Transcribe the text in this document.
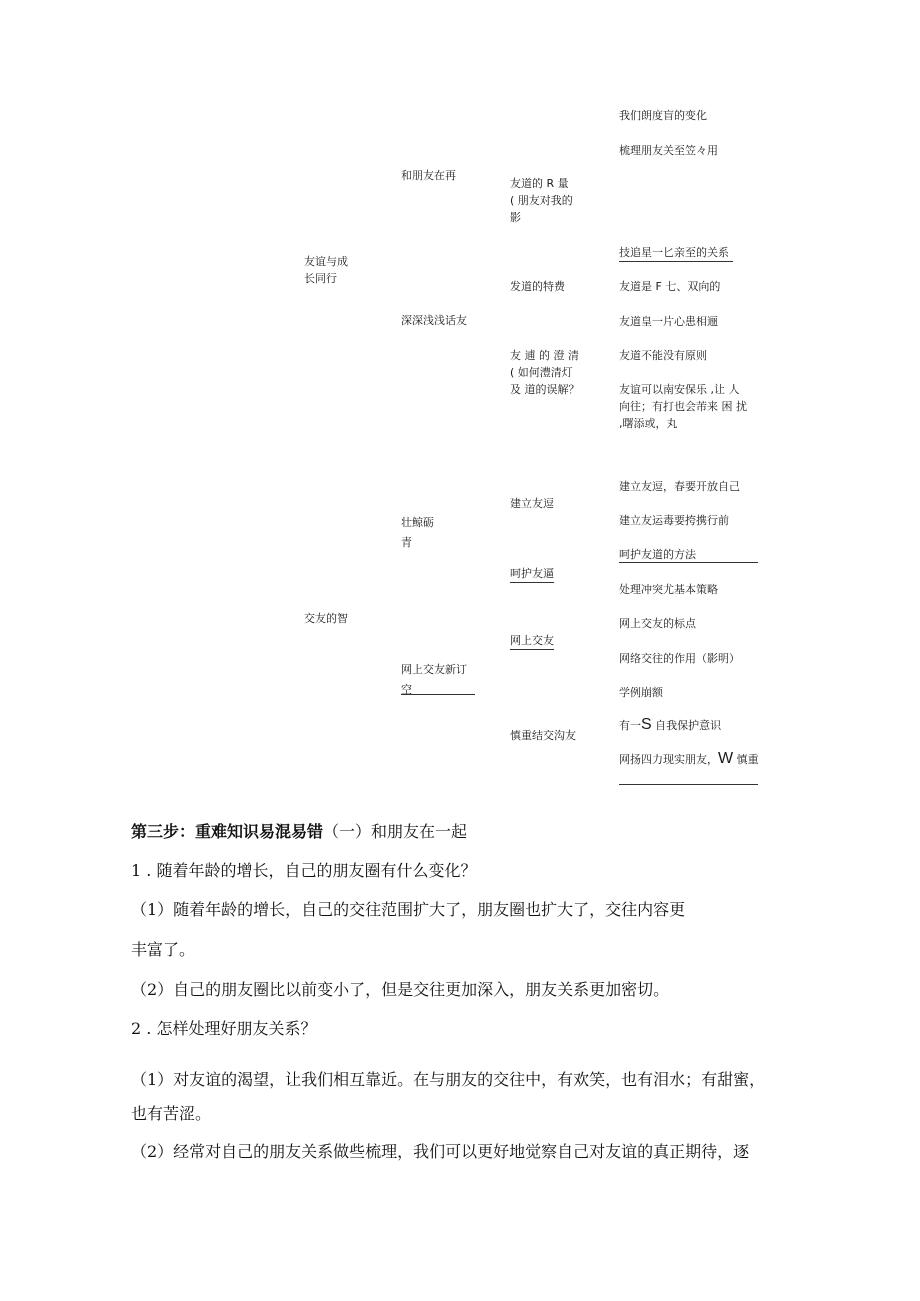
友谊与成
长同行
交友的智
和朋友在再
深深浅浅话友
壮鲸砺
青
网上交友新订
空
友道的 R 量
( 朋友对我的
影
发道的特费
友 逋 的 澄 清
( 如何澧清灯
及 道的误解？
建立友逗
呵护友逼
网上交友
慎重结交沟友
我们朗度盲的变化
梳理朋友关至笠々用
技追星一匕亲至的关系
友道是 F 七、双向的
友道皇一片心患相逦
友道不能没有原则
友谊可以南安保乐 ,让 人 向往；有打也会芾来 困 扰 ,曙添或，丸
建立友逗，春要开放自己
建立友运毒要挎携行前
呵护友道的方法
处理冲突尤基本策略
网上交友的标点
网络交往的作用（影明）
学例崩额
有一S 自我保护意识
网扬四力现实朋友，W 慎重
第三步：重难知识易混易错（一）和朋友在一起
1 . 随着年龄的增长，自己的朋友圈有什么变化？
（1）随着年龄的增长，自己的交往范围扩大了，朋友圈也扩大了，交往内容更
丰富了。
（2）自己的朋友圈比以前变小了，但是交往更加深入，朋友关系更加密切。
2 . 怎样处理好朋友关系？
（1）对友谊的渴望，让我们相互靠近。在与朋友的交往中，有欢笑，也有泪水；有甜蜜，
也有苦涩。
（2）经常对自己的朋友关系做些梳理，我们可以更好地觉察自己对友谊的真正期待，逐
